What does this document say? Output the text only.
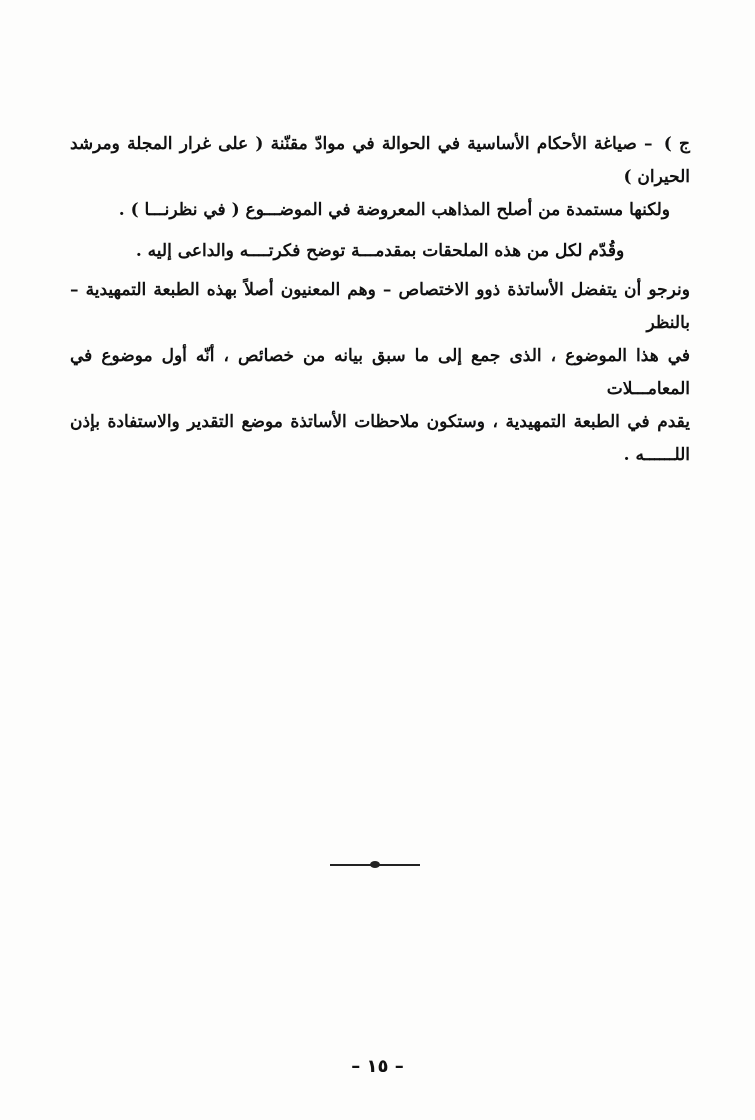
ج ) – صياغة الأحكام الأساسية في الحوالة في موادّ مقنّنة ( على غرار المجلة ومرشد الحيران )
ولكنها مستمدة من أصلح المذاهب المعروضة في الموضـــوع ( في نظرنـــا ) .

وقُدّم لكل من هذه الملحقات بمقدمـــة توضح فكرتــــه والداعى إليه .

ونرجو أن يتفضل الأساتذة ذوو الاختصاص – وهم المعنيون أصلاً بهذه الطبعة التمهيدية – بالنظر
في هذا الموضوع ، الذى جمع إلى ما سبق بيانه من خصائص ، أنّه أول موضوع في المعامـــلات
يقدم في الطبعة التمهيدية ، وستكون ملاحظات الأساتذة موضع التقدير والاستفادة بإذن اللــــــه .
– ١٥ –
